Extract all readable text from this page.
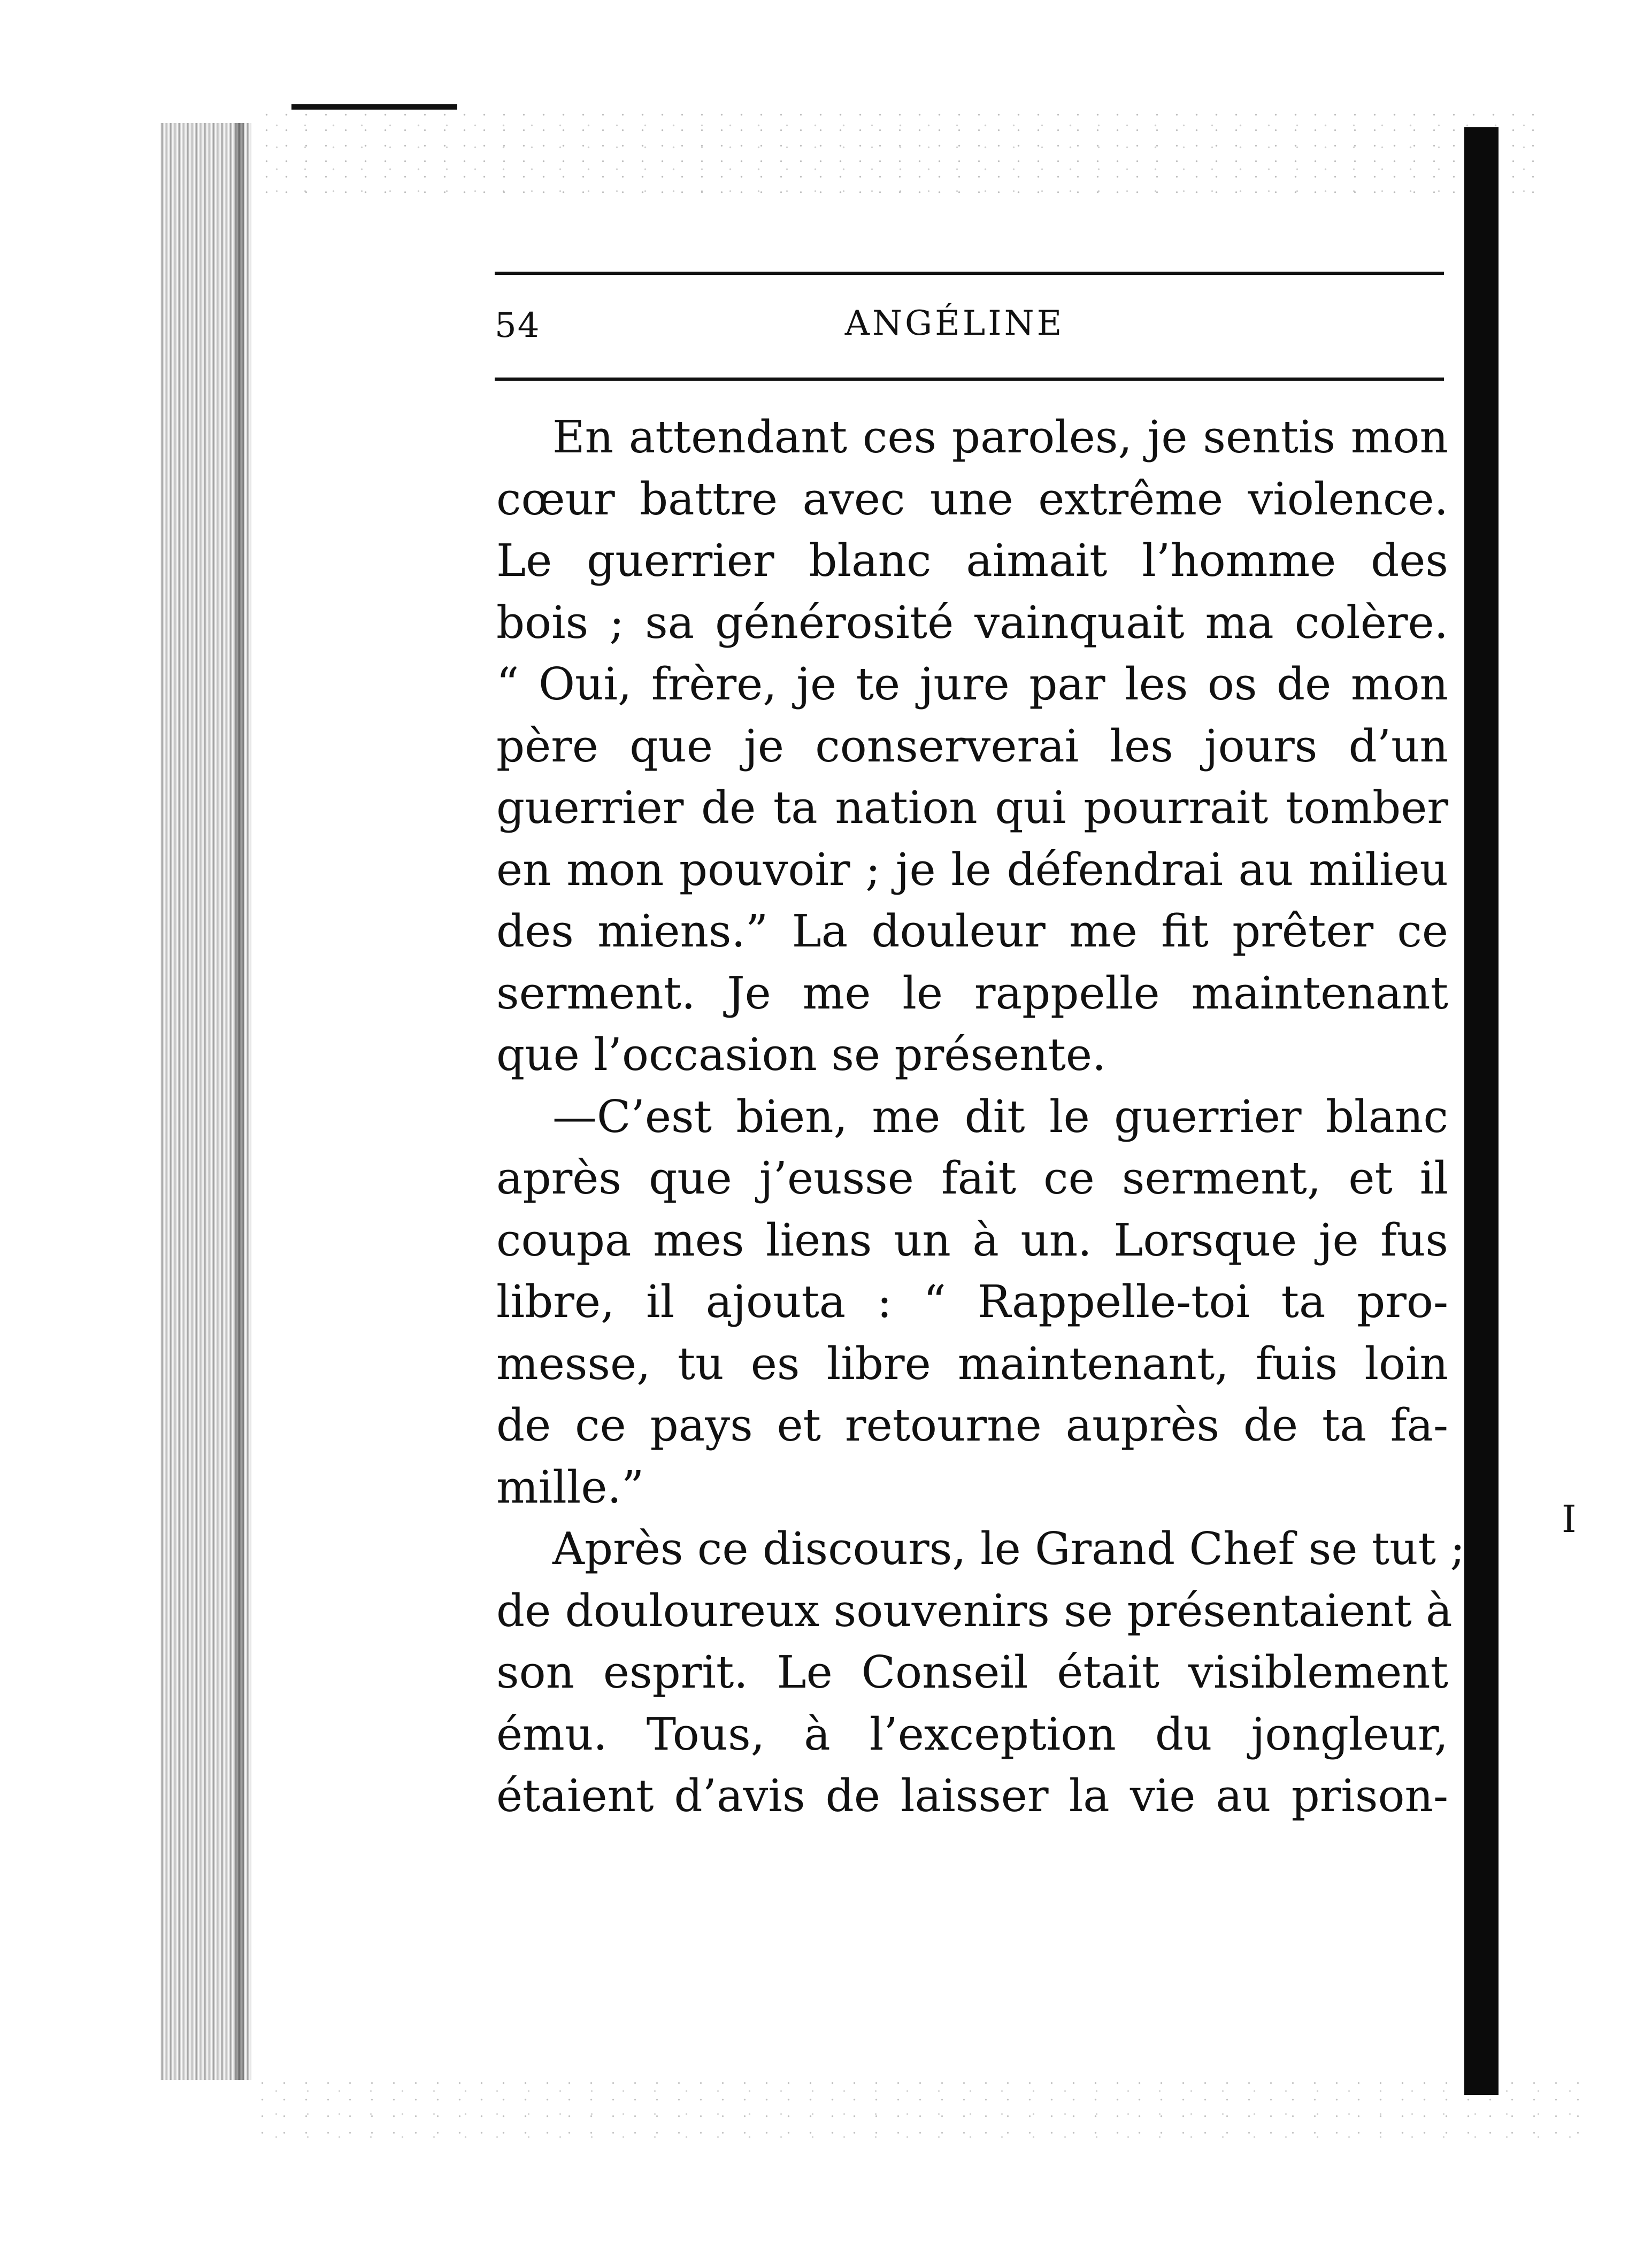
54	ANGÉLINE

En attendant ces paroles, je sentis mon
cœur battre avec une extrême violence.
Le guerrier blanc aimait l’homme des
bois ; sa générosité vainquait ma colère.
“ Oui, frère, je te jure par les os de mon
père que je conserverai les jours d’un
guerrier de ta nation qui pourrait tomber
en mon pouvoir ; je le défendrai au milieu
des miens.” La douleur me fit prêter ce
serment. Je me le rappelle maintenant
que l’occasion se présente.

—C’est bien, me dit le guerrier blanc
après que j’eusse fait ce serment, et il
coupa mes liens un à un. Lorsque je fus
libre, il ajouta : “ Rappelle-toi ta pro-
messe, tu es libre maintenant, fuis loin
de ce pays et retourne auprès de ta fa-
mille.”

Après ce discours, le Grand Chef se tut ;
de douloureux souvenirs se présentaient à
son esprit. Le Conseil était visiblement
ému. Tous, à l’exception du jongleur,
étaient d’avis de laisser la vie au prison-

I
